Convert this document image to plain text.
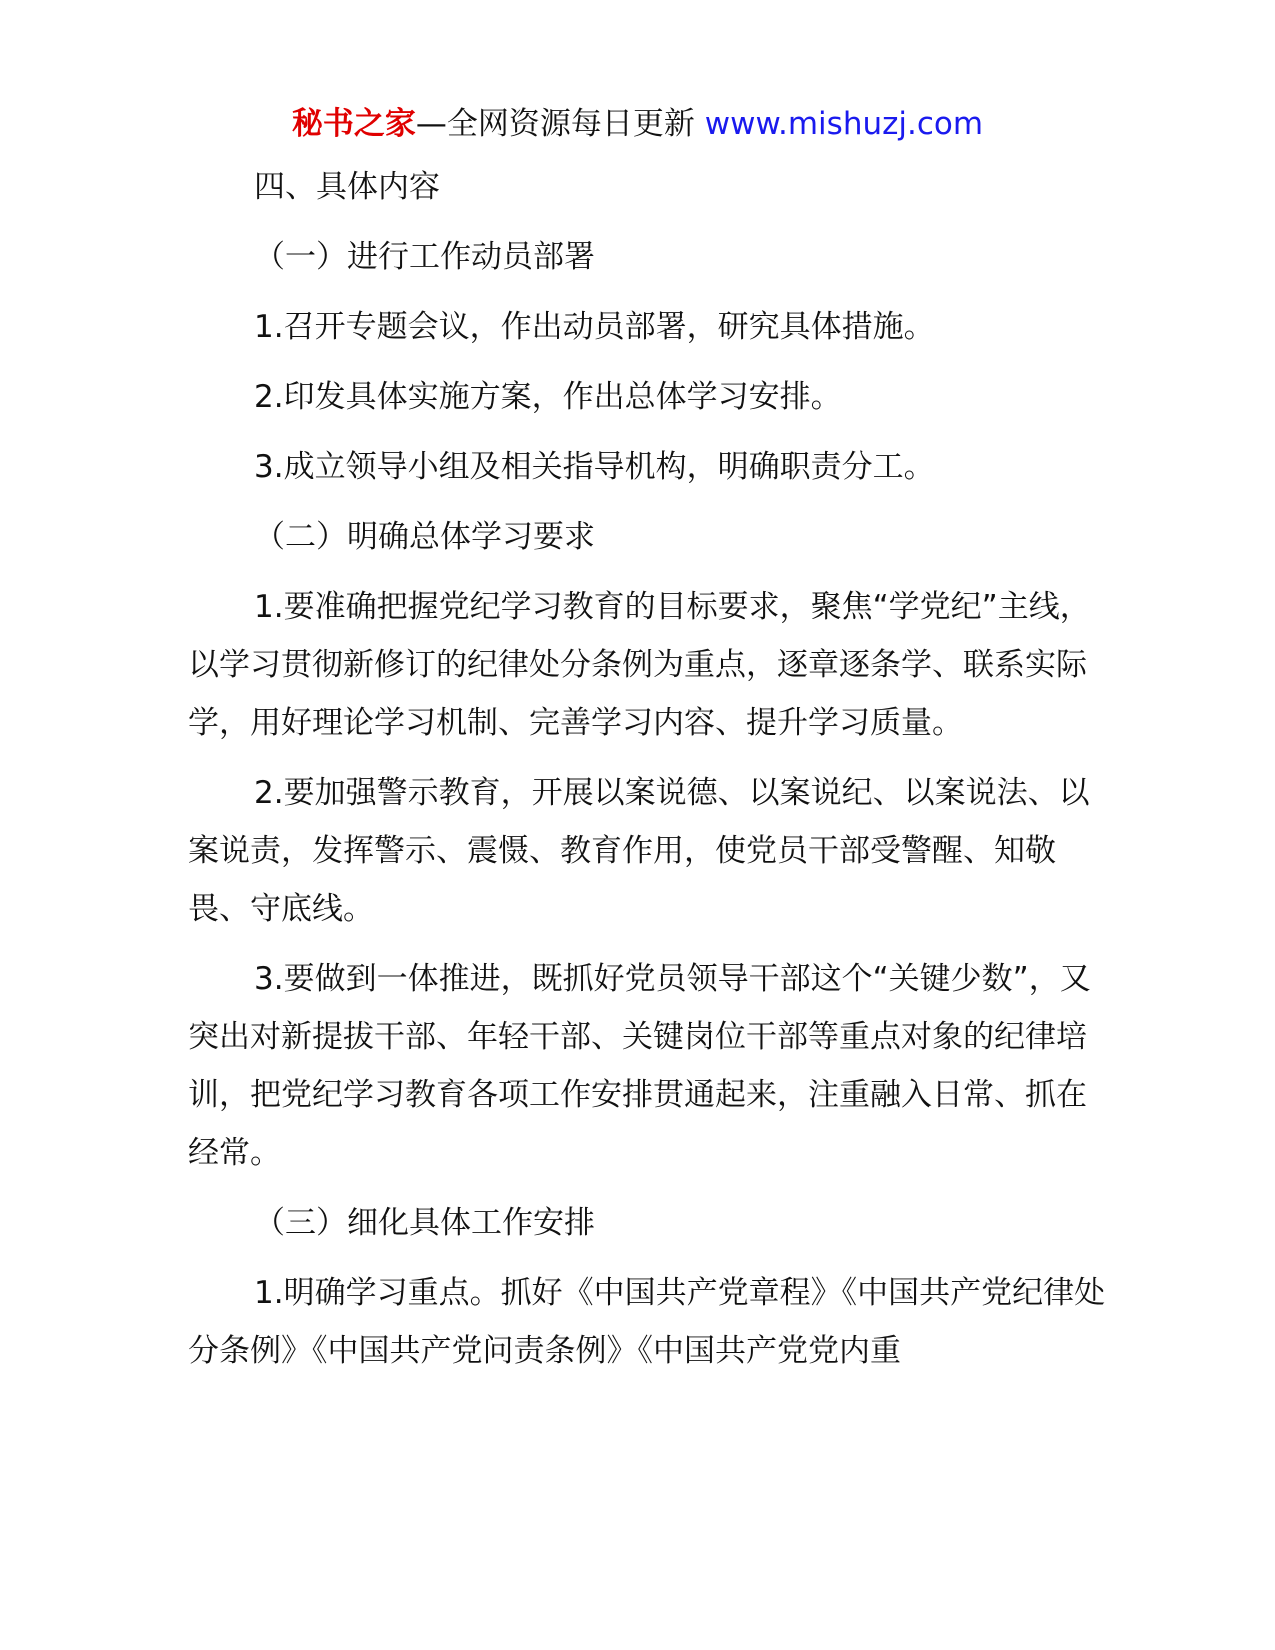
秘书之家—全网资源每日更新 www.mishuzj.com

四、具体内容

（一）进行工作动员部署

1.召开专题会议，作出动员部署，研究具体措施。

2.印发具体实施方案，作出总体学习安排。

3.成立领导小组及相关指导机构，明确职责分工。

（二）明确总体学习要求

1.要准确把握党纪学习教育的目标要求，聚焦“学党纪”主线，以学习贯彻新修订的纪律处分条例为重点，逐章逐条学、联系实际学，用好理论学习机制、完善学习内容、提升学习质量。

2.要加强警示教育，开展以案说德、以案说纪、以案说法、以案说责，发挥警示、震慑、教育作用，使党员干部受警醒、知敬畏、守底线。

3.要做到一体推进，既抓好党员领导干部这个“关键少数”，又突出对新提拔干部、年轻干部、关键岗位干部等重点对象的纪律培训，把党纪学习教育各项工作安排贯通起来，注重融入日常、抓在经常。

（三）细化具体工作安排

1.明确学习重点。抓好《中国共产党章程》《中国共产党纪律处分条例》《中国共产党问责条例》《中国共产党党内重
